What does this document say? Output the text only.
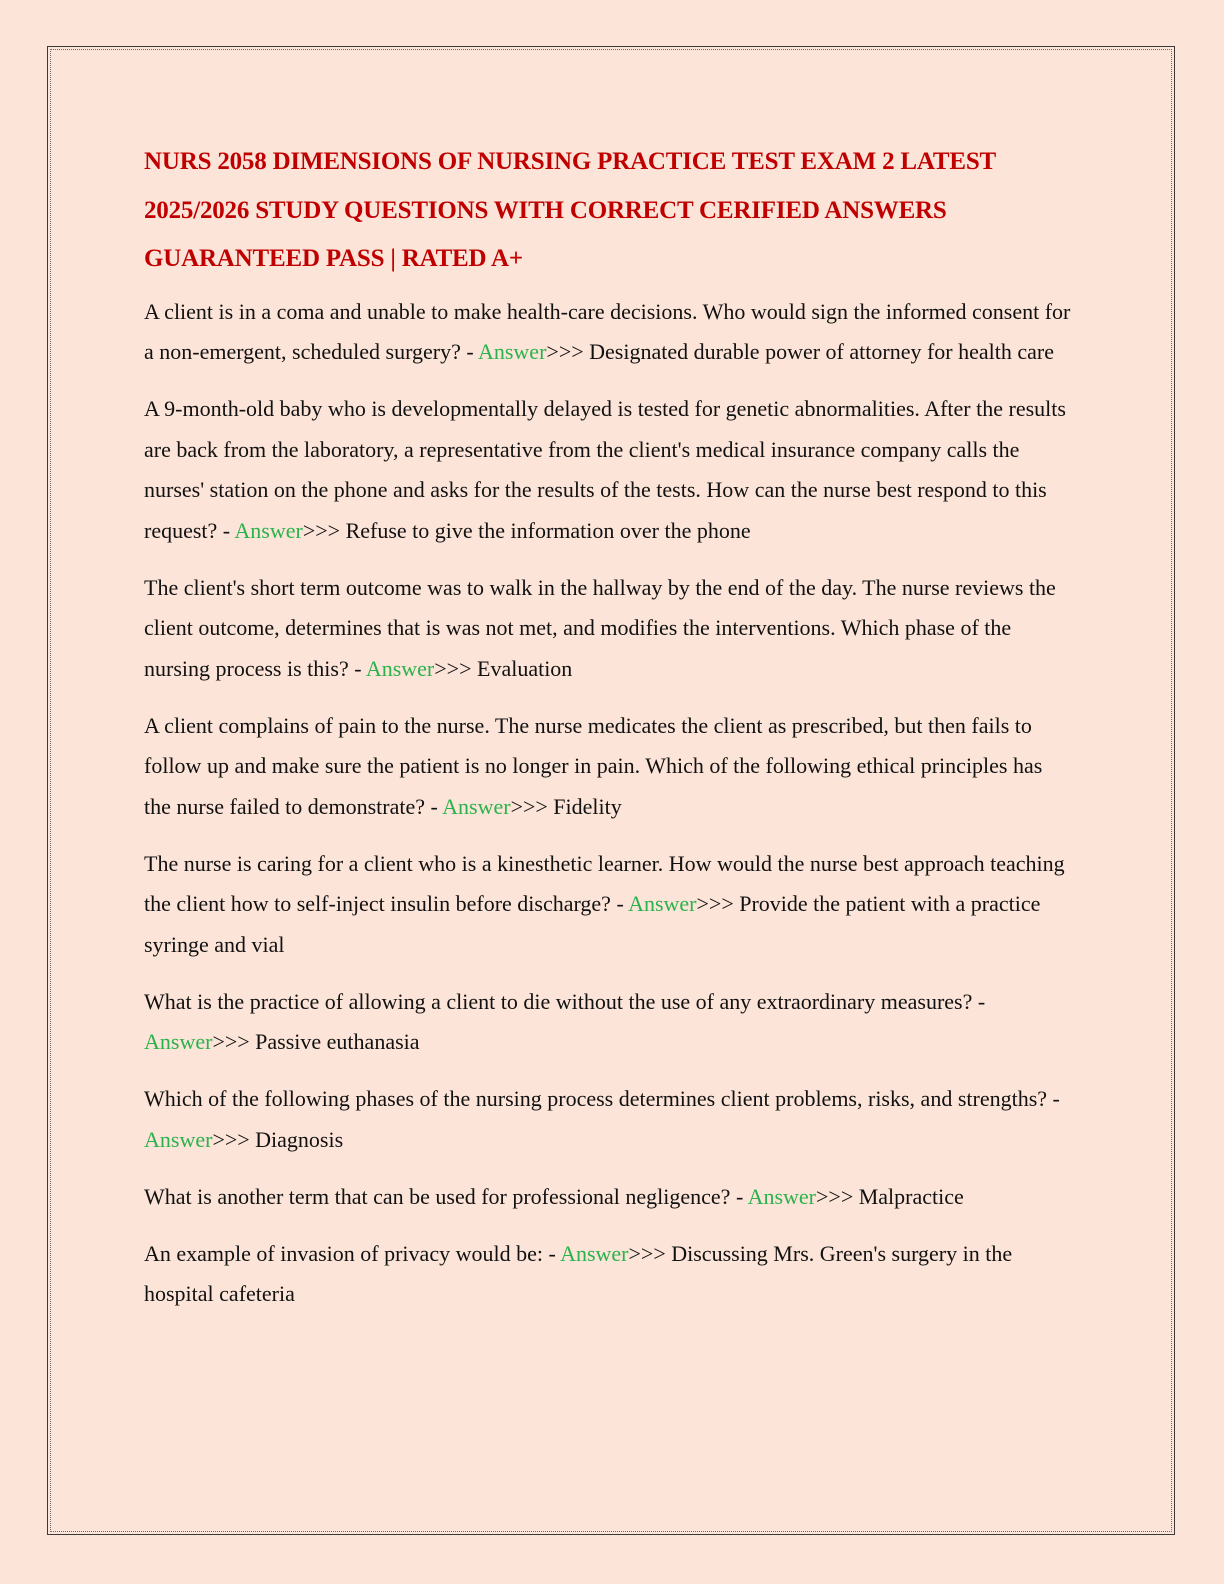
NURS 2058 DIMENSIONS OF NURSING PRACTICE TEST EXAM 2 LATEST 2025/2026 STUDY QUESTIONS WITH CORRECT CERIFIED ANSWERS GUARANTEED PASS | RATED A+

A client is in a coma and unable to make health-care decisions. Who would sign the informed consent for a non-emergent, scheduled surgery? - Answer>>> Designated durable power of attorney for health care

A 9-month-old baby who is developmentally delayed is tested for genetic abnormalities. After the results are back from the laboratory, a representative from the client's medical insurance company calls the nurses' station on the phone and asks for the results of the tests. How can the nurse best respond to this request? - Answer>>> Refuse to give the information over the phone

The client's short term outcome was to walk in the hallway by the end of the day. The nurse reviews the client outcome, determines that is was not met, and modifies the interventions. Which phase of the nursing process is this? - Answer>>> Evaluation

A client complains of pain to the nurse. The nurse medicates the client as prescribed, but then fails to follow up and make sure the patient is no longer in pain. Which of the following ethical principles has the nurse failed to demonstrate? - Answer>>> Fidelity

The nurse is caring for a client who is a kinesthetic learner. How would the nurse best approach teaching the client how to self-inject insulin before discharge? - Answer>>> Provide the patient with a practice syringe and vial

What is the practice of allowing a client to die without the use of any extraordinary measures? - Answer>>> Passive euthanasia

Which of the following phases of the nursing process determines client problems, risks, and strengths? - Answer>>> Diagnosis

What is another term that can be used for professional negligence? - Answer>>> Malpractice

An example of invasion of privacy would be: - Answer>>> Discussing Mrs. Green's surgery in the hospital cafeteria
